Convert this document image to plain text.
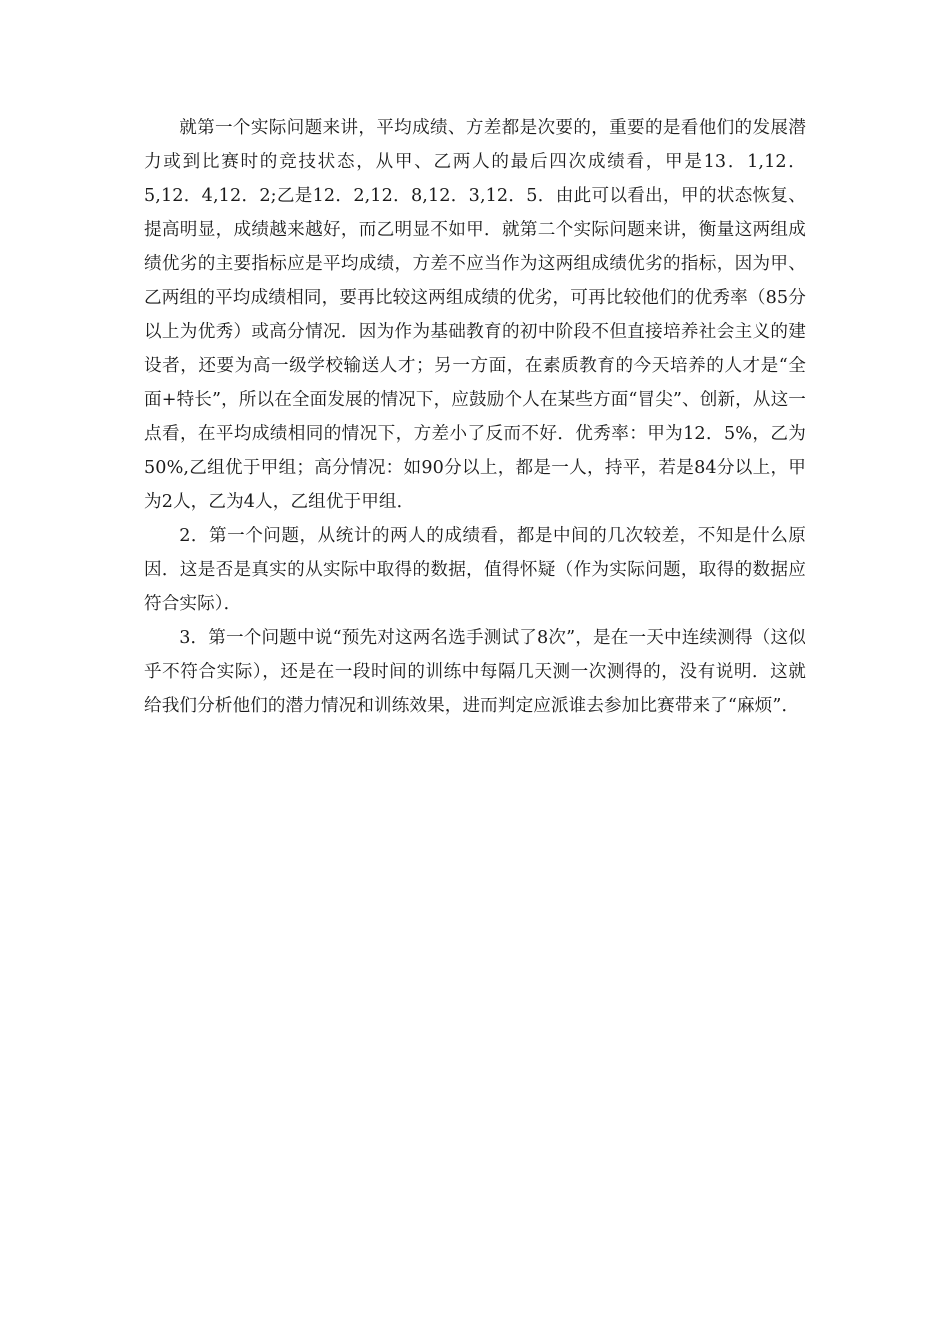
就第一个实际问题来讲，平均成绩、方差都是次要的，重要的是看他们的发展潜力或到比赛时的竞技状态，从甲、乙两人的最后四次成绩看，甲是13．1,12．5,12．4,12．2;乙是12．2,12．8,12．3,12．5．由此可以看出，甲的状态恢复、提高明显，成绩越来越好，而乙明显不如甲．就第二个实际问题来讲，衡量这两组成绩优劣的主要指标应是平均成绩，方差不应当作为这两组成绩优劣的指标，因为甲、乙两组的平均成绩相同，要再比较这两组成绩的优劣，可再比较他们的优秀率（85分以上为优秀）或高分情况．因为作为基础教育的初中阶段不但直接培养社会主义的建设者，还要为高一级学校输送人才；另一方面，在素质教育的今天培养的人才是“全面+特长”，所以在全面发展的情况下，应鼓励个人在某些方面“冒尖”、创新，从这一点看，在平均成绩相同的情况下，方差小了反而不好．优秀率：甲为12．5%，乙为50%,乙组优于甲组；高分情况：如90分以上，都是一人，持平，若是84分以上，甲为2人，乙为4人，乙组优于甲组．

2．第一个问题，从统计的两人的成绩看，都是中间的几次较差，不知是什么原因．这是否是真实的从实际中取得的数据，值得怀疑（作为实际问题，取得的数据应符合实际）．

3．第一个问题中说“预先对这两名选手测试了8次”，是在一天中连续测得（这似乎不符合实际），还是在一段时间的训练中每隔几天测一次测得的，没有说明．这就给我们分析他们的潜力情况和训练效果，进而判定应派谁去参加比赛带来了“麻烦”．
